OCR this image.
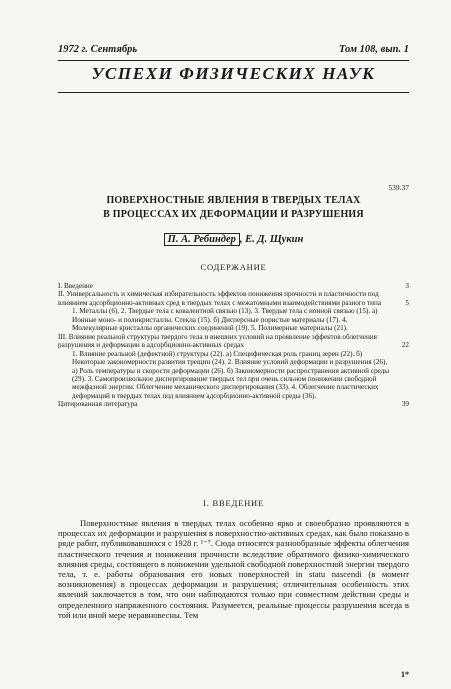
1972 г. Сентябрь	Том 108, вып. 1
УСПЕХИ ФИЗИЧЕСКИХ НАУК
539.37
ПОВЕРХНОСТНЫЕ ЯВЛЕНИЯ В ТВЕРДЫХ ТЕЛАХ
В ПРОЦЕССАХ ИХ ДЕФОРМАЦИИ И РАЗРУШЕНИЯ
П. А. Ребиндер , Е. Д. Щукин
СОДЕРЖАНИЕ
I. Введение	3
II. Универсальность и химическая избирательность эффектов понижения прочности и пластичности под влиянием адсорбционно-активных сред в твердых телах с межатомными взаимодействиями разного типа	5
1. Металлы (6). 2. Твердые тела с ковалентной связью (13). 3. Твердые тела с ионной связью (15). а) Ионные моно- и поликристаллы. Стекла (15). б) Дисперсные пористые материалы (17). 4. Молекулярные кристаллы органических соединений (19). 5. Полимерные материалы (21).
III. Влияние реальной структуры твердого тела и внешних условий на проявление эффектов облегчения разрушения и деформации в адсорбционно-активных средах	22
1. Влияние реальной (дефектной) структуры (22). а) Специфическая роль границ зерен (22). б) Некоторые закономерности развития трещин (24). 2. Влияние условий деформации и разрушения (26). а) Роль температуры и скорости деформации (26). б) Закономерности распространения активной среды (29). 3. Самопроизвольное диспергирование твердых тел при очень сильном понижении свободной межфазной энергии. Облегчение механического диспергирования (33). 4. Облегчение пластических деформаций в твердых телах под влиянием адсорбционно-активной среды (36).
Цитированная литература	39
I. ВВЕДЕНИЕ

Поверхностные явления в твердых телах особенно ярко и своеобразно проявляются в процессах их деформации и разрушения в поверхностно-активных средах, как было показано в ряде работ, публиковавшихся с 1928 г. ¹⁻⁷. Сюда относятся разнообразные эффекты облегчения пластического течения и понижения прочности вследствие обратимого физико-химического влияния среды, состоящего в понижении удельной свободной поверхностной энергии твердого тела, т. е. работы образования его новых поверхностей in statu nascendi (в момент возникновения) в процессах деформации и разрушения; отличительная особенность этих явлений заключается в том, что они наблюдаются только при совместном действии среды и определенного напряженного состояния. Разумеется, реальные процессы разрушения всегда в той или иной мере неравновесны. Тем

1*
